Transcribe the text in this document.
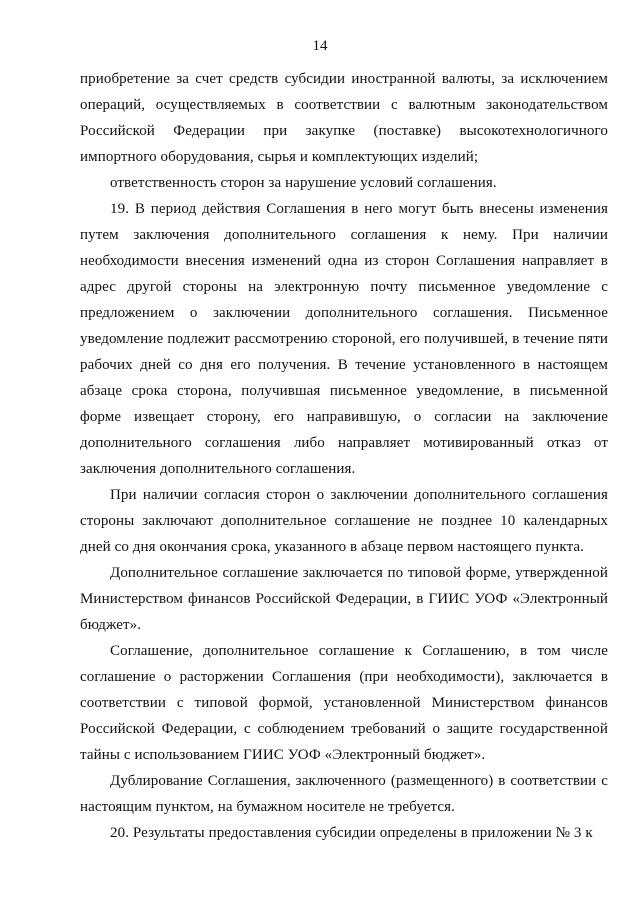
14

приобретение за счет средств субсидии иностранной валюты, за исключением операций, осуществляемых в соответствии с валютным законодательством Российской Федерации при закупке (поставке) высокотехнологичного импортного оборудования, сырья и комплектующих изделий;

ответственность сторон за нарушение условий соглашения.

19. В период действия Соглашения в него могут быть внесены изменения путем заключения дополнительного соглашения к нему. При наличии необходимости внесения изменений одна из сторон Соглашения направляет в адрес другой стороны на электронную почту письменное уведомление с предложением о заключении дополнительного соглашения. Письменное уведомление подлежит рассмотрению стороной, его получившей, в течение пяти рабочих дней со дня его получения. В течение установленного в настоящем абзаце срока сторона, получившая письменное уведомление, в письменной форме извещает сторону, его направившую, о согласии на заключение дополнительного соглашения либо направляет мотивированный отказ от заключения дополнительного соглашения.

При наличии согласия сторон о заключении дополнительного соглашения стороны заключают дополнительное соглашение не позднее 10 календарных дней со дня окончания срока, указанного в абзаце первом настоящего пункта.

Дополнительное соглашение заключается по типовой форме, утвержденной Министерством финансов Российской Федерации, в ГИИС УОФ «Электронный бюджет».

Соглашение, дополнительное соглашение к Соглашению, в том числе соглашение о расторжении Соглашения (при необходимости), заключается в соответствии с типовой формой, установленной Министерством финансов Российской Федерации, с соблюдением требований о защите государственной тайны с использованием ГИИС УОФ «Электронный бюджет».

Дублирование Соглашения, заключенного (размещенного) в соответствии с настоящим пунктом, на бумажном носителе не требуется.

20. Результаты предоставления субсидии определены в приложении № 3 к
